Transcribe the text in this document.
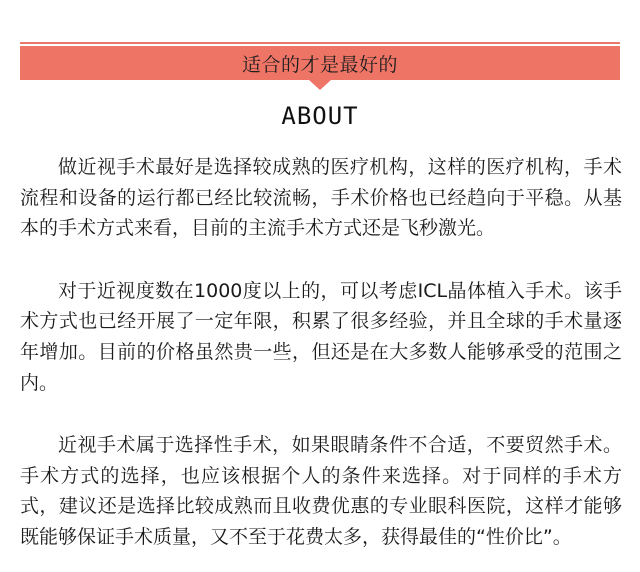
适合的才是最好的
ABOUT

做近视手术最好是选择较成熟的医疗机构，这样的医疗机构，手术流程和设备的运行都已经比较流畅，手术价格也已经趋向于平稳。从基本的手术方式来看，目前的主流手术方式还是飞秒激光。

对于近视度数在1000度以上的，可以考虑ICL晶体植入手术。该手术方式也已经开展了一定年限，积累了很多经验，并且全球的手术量逐年增加。目前的价格虽然贵一些，但还是在大多数人能够承受的范围之内。

近视手术属于选择性手术，如果眼睛条件不合适，不要贸然手术。手术方式的选择，也应该根据个人的条件来选择。对于同样的手术方式，建议还是选择比较成熟而且收费优惠的专业眼科医院，这样才能够既能够保证手术质量，又不至于花费太多，获得最佳的“性价比”。
